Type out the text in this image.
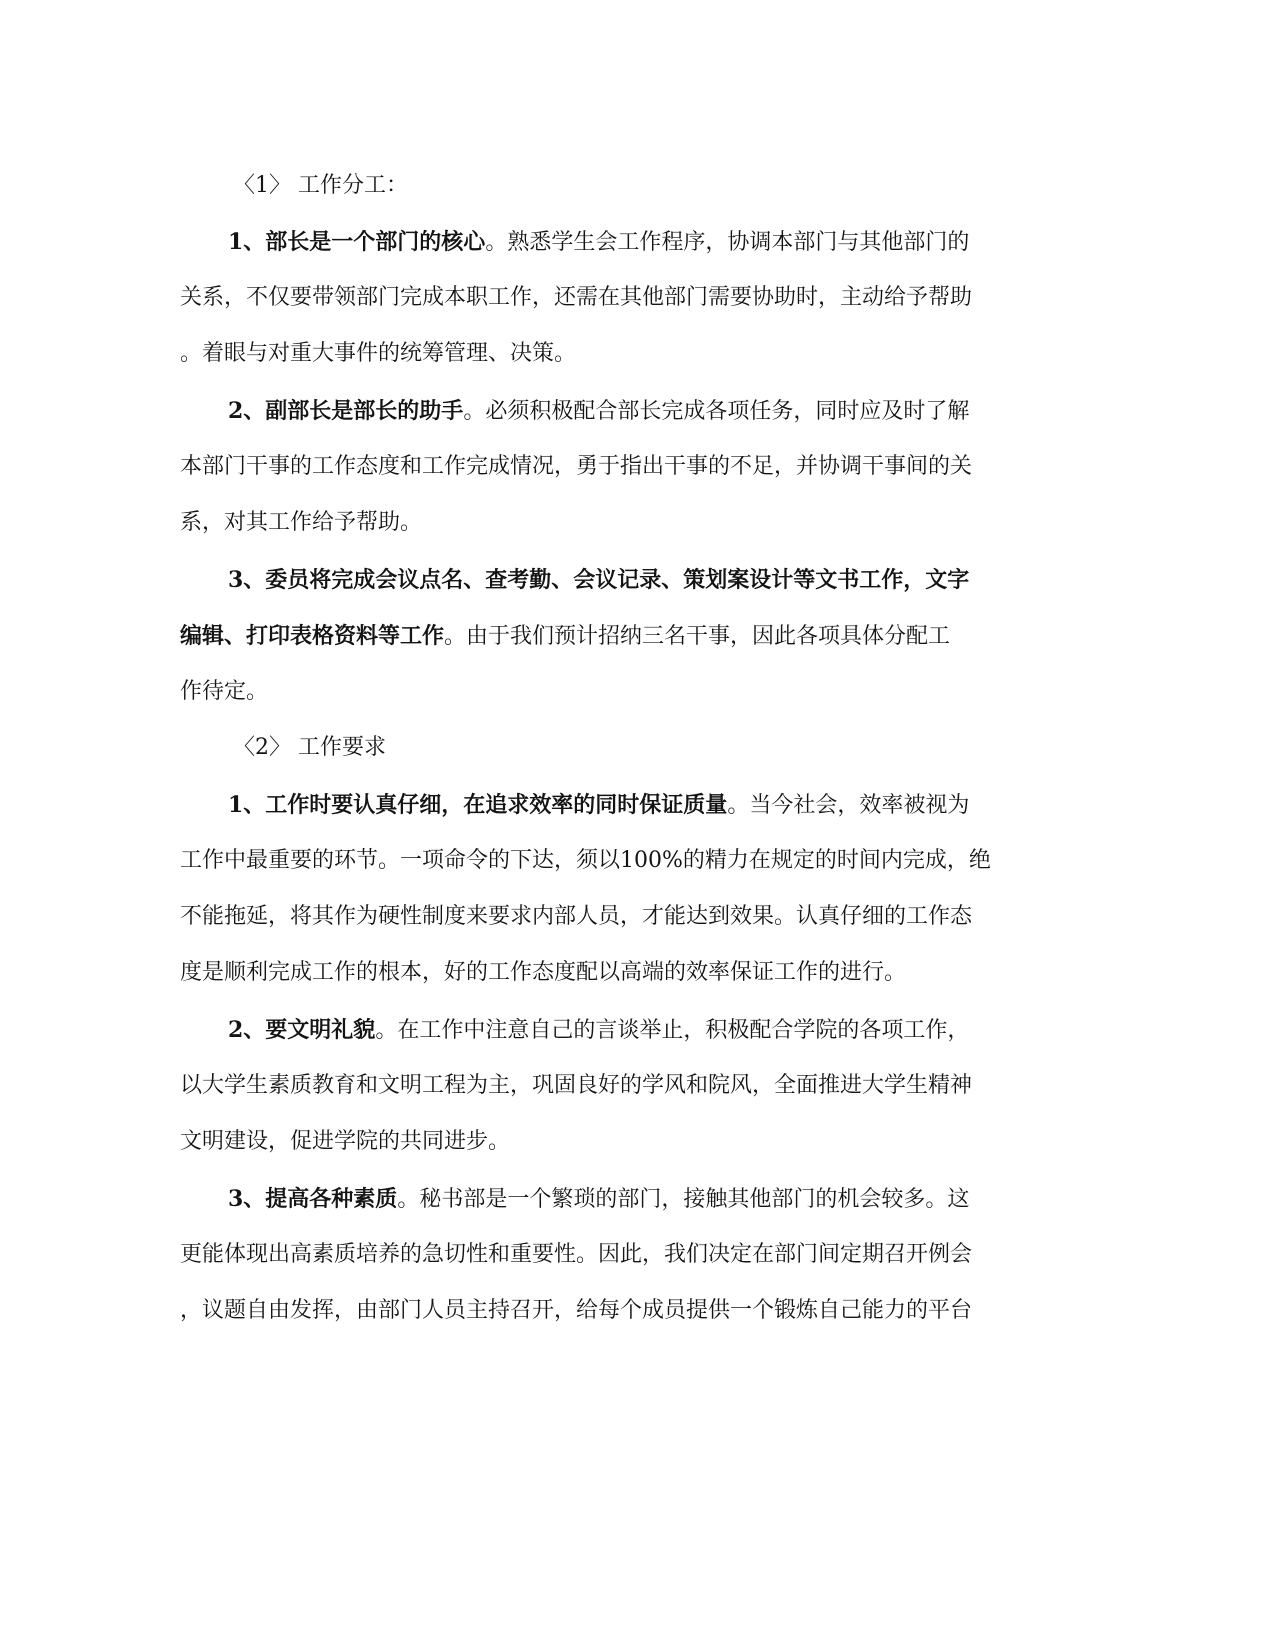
〈1〉 工作分工：
1、部长是一个部门的核心。熟悉学生会工作程序，协调本部门与其他部门的
关系，不仅要带领部门完成本职工作，还需在其他部门需要协助时，主动给予帮助
。着眼与对重大事件的统筹管理、决策。
2、副部长是部长的助手。必须积极配合部长完成各项任务，同时应及时了解
本部门干事的工作态度和工作完成情况，勇于指出干事的不足，并协调干事间的关
系，对其工作给予帮助。
3、委员将完成会议点名、查考勤、会议记录、策划案设计等文书工作，文字
编辑、打印表格资料等工作。由于我们预计招纳三名干事，因此各项具体分配工
作待定。
〈2〉 工作要求
1、工作时要认真仔细，在追求效率的同时保证质量。当今社会，效率被视为
工作中最重要的环节。一项命令的下达，须以100%的精力在规定的时间内完成，绝
不能拖延，将其作为硬性制度来要求内部人员，才能达到效果。认真仔细的工作态
度是顺利完成工作的根本，好的工作态度配以高端的效率保证工作的进行。
2、要文明礼貌。在工作中注意自己的言谈举止，积极配合学院的各项工作，
以大学生素质教育和文明工程为主，巩固良好的学风和院风，全面推进大学生精神
文明建设，促进学院的共同进步。
3、提高各种素质。秘书部是一个繁琐的部门，接触其他部门的机会较多。这
更能体现出高素质培养的急切性和重要性。因此，我们决定在部门间定期召开例会
，议题自由发挥，由部门人员主持召开，给每个成员提供一个锻炼自己能力的平台
